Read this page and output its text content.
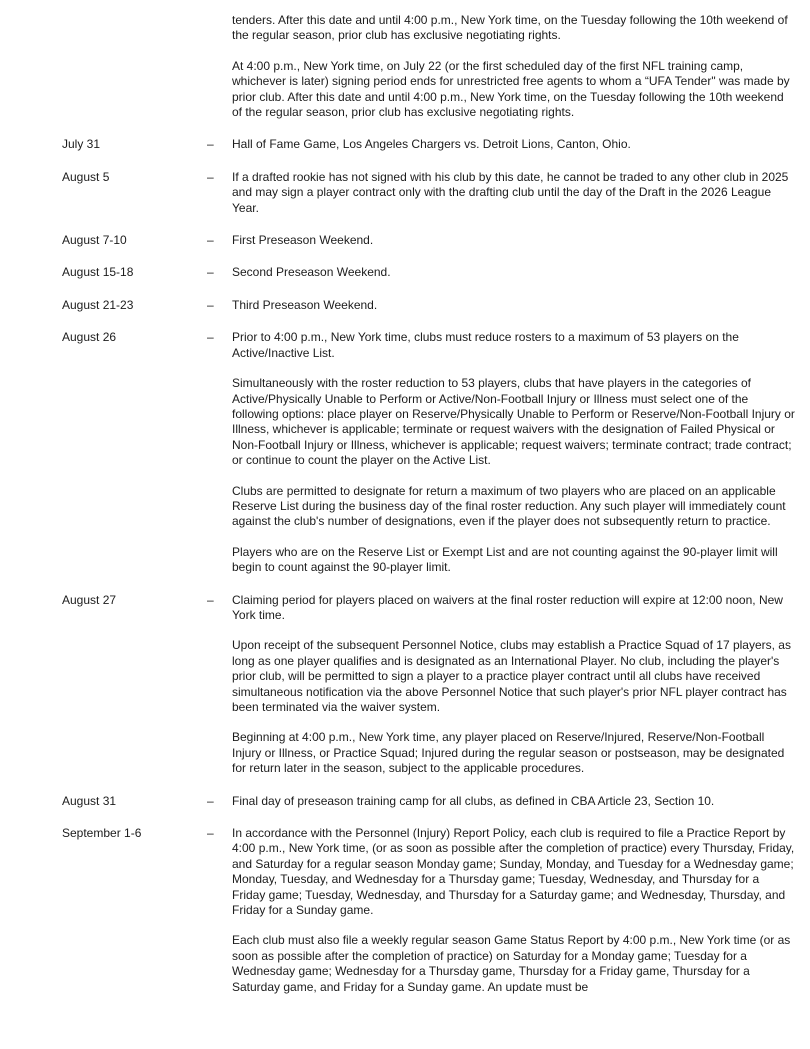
tenders. After this date and until 4:00 p.m., New York time, on the Tuesday following the 10th weekend of the regular season, prior club has exclusive negotiating rights.

At 4:00 p.m., New York time, on July 22 (or the first scheduled day of the first NFL training camp, whichever is later) signing period ends for unrestricted free agents to whom a “UFA Tender" was made by prior club. After this date and until 4:00 p.m., New York time, on the Tuesday following the 10th weekend of the regular season, prior club has exclusive negotiating rights.

July 31	–	Hall of Fame Game, Los Angeles Chargers vs. Detroit Lions, Canton, Ohio.

August 5	–	If a drafted rookie has not signed with his club by this date, he cannot be traded to any other club in 2025 and may sign a player contract only with the drafting club until the day of the Draft in the 2026 League Year.

August 7-10	–	First Preseason Weekend.

August 15-18	–	Second Preseason Weekend.

August 21-23	–	Third Preseason Weekend.

August 26	–	Prior to 4:00 p.m., New York time, clubs must reduce rosters to a maximum of 53 players on the Active/Inactive List.

Simultaneously with the roster reduction to 53 players, clubs that have players in the categories of Active/Physically Unable to Perform or Active/Non-Football Injury or Illness must select one of the following options: place player on Reserve/Physically Unable to Perform or Reserve/Non-Football Injury or Illness, whichever is applicable; terminate or request waivers with the designation of Failed Physical or Non-Football Injury or Illness, whichever is applicable; request waivers; terminate contract; trade contract; or continue to count the player on the Active List.

Clubs are permitted to designate for return a maximum of two players who are placed on an applicable Reserve List during the business day of the final roster reduction. Any such player will immediately count against the club's number of designations, even if the player does not subsequently return to practice.

Players who are on the Reserve List or Exempt List and are not counting against the 90-player limit will begin to count against the 90-player limit.

August 27	–	Claiming period for players placed on waivers at the final roster reduction will expire at 12:00 noon, New York time.

Upon receipt of the subsequent Personnel Notice, clubs may establish a Practice Squad of 17 players, as long as one player qualifies and is designated as an International Player. No club, including the player's prior club, will be permitted to sign a player to a practice player contract until all clubs have received simultaneous notification via the above Personnel Notice that such player's prior NFL player contract has been terminated via the waiver system.

Beginning at 4:00 p.m., New York time, any player placed on Reserve/Injured, Reserve/Non-Football Injury or Illness, or Practice Squad; Injured during the regular season or postseason, may be designated for return later in the season, subject to the applicable procedures.

August 31	–	Final day of preseason training camp for all clubs, as defined in CBA Article 23, Section 10.

September 1-6	–	In accordance with the Personnel (Injury) Report Policy, each club is required to file a Practice Report by 4:00 p.m., New York time, (or as soon as possible after the completion of practice) every Thursday, Friday, and Saturday for a regular season Monday game; Sunday, Monday, and Tuesday for a Wednesday game; Monday, Tuesday, and Wednesday for a Thursday game; Tuesday, Wednesday, and Thursday for a Friday game; Tuesday, Wednesday, and Thursday for a Saturday game; and Wednesday, Thursday, and Friday for a Sunday game.

Each club must also file a weekly regular season Game Status Report by 4:00 p.m., New York time (or as soon as possible after the completion of practice) on Saturday for a Monday game; Tuesday for a Wednesday game; Wednesday for a Thursday game, Thursday for a Friday game, Thursday for a Saturday game, and Friday for a Sunday game. An update must be
